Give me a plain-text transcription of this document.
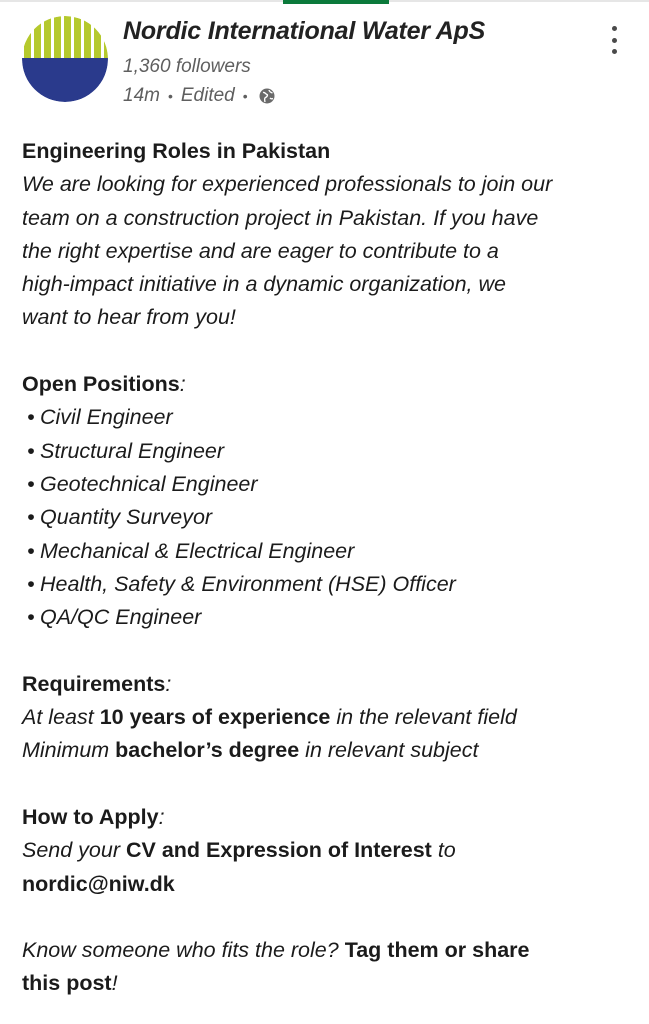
Nordic International Water ApS
1,360 followers
14m • Edited •
Engineering Roles in Pakistan
We are looking for experienced professionals to join our
team on a construction project in Pakistan. If you have
the right expertise and are eager to contribute to a
high-impact initiative in a dynamic organization, we
want to hear from you!
Open Positions:
• Civil Engineer
• Structural Engineer
• Geotechnical Engineer
• Quantity Surveyor
• Mechanical & Electrical Engineer
• Health, Safety & Environment (HSE) Officer
• QA/QC Engineer
Requirements:
At least 10 years of experience in the relevant field
Minimum bachelor’s degree in relevant subject
How to Apply:
Send your CV and Expression of Interest to
nordic@niw.dk
Know someone who fits the role? Tag them or share
this post!
